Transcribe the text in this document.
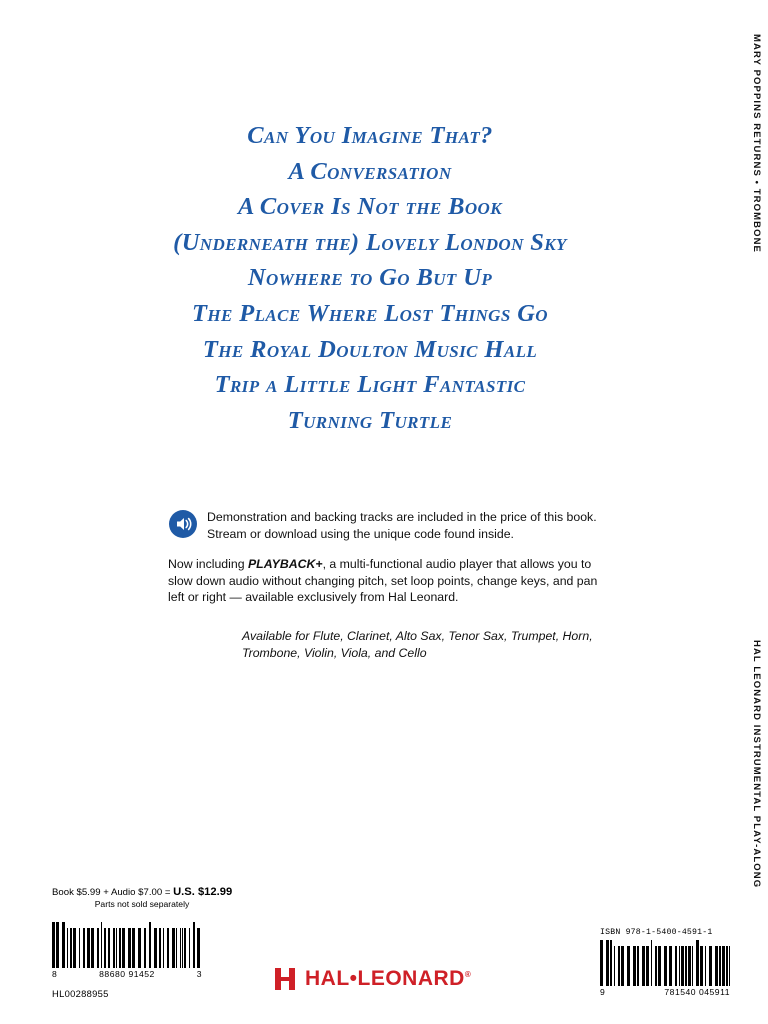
MARY POPPINS RETURNS • TROMBONE
HAL LEONARD INSTRUMENTAL PLAY-ALONG
Can You Imagine That?
A Conversation
A Cover Is Not the Book
(Underneath the) Lovely London Sky
Nowhere to Go But Up
The Place Where Lost Things Go
The Royal Doulton Music Hall
Trip a Little Light Fantastic
Turning Turtle
Demonstration and backing tracks are included in the price of this book. Stream or download using the unique code found inside.
Now including PLAYBACK+, a multi-functional audio player that allows you to slow down audio without changing pitch, set loop points, change keys, and pan left or right — available exclusively from Hal Leonard.
Available for Flute, Clarinet, Alto Sax, Tenor Sax, Trumpet, Horn, Trombone, Violin, Viola, and Cello
Book $5.99 + Audio $7.00 = U.S. $12.99
Parts not sold separately
8	88680 91452	3
HL00288955
ISBN 978-1-5400-4591-1
9	781540 045911
HAL•LEONARD®
